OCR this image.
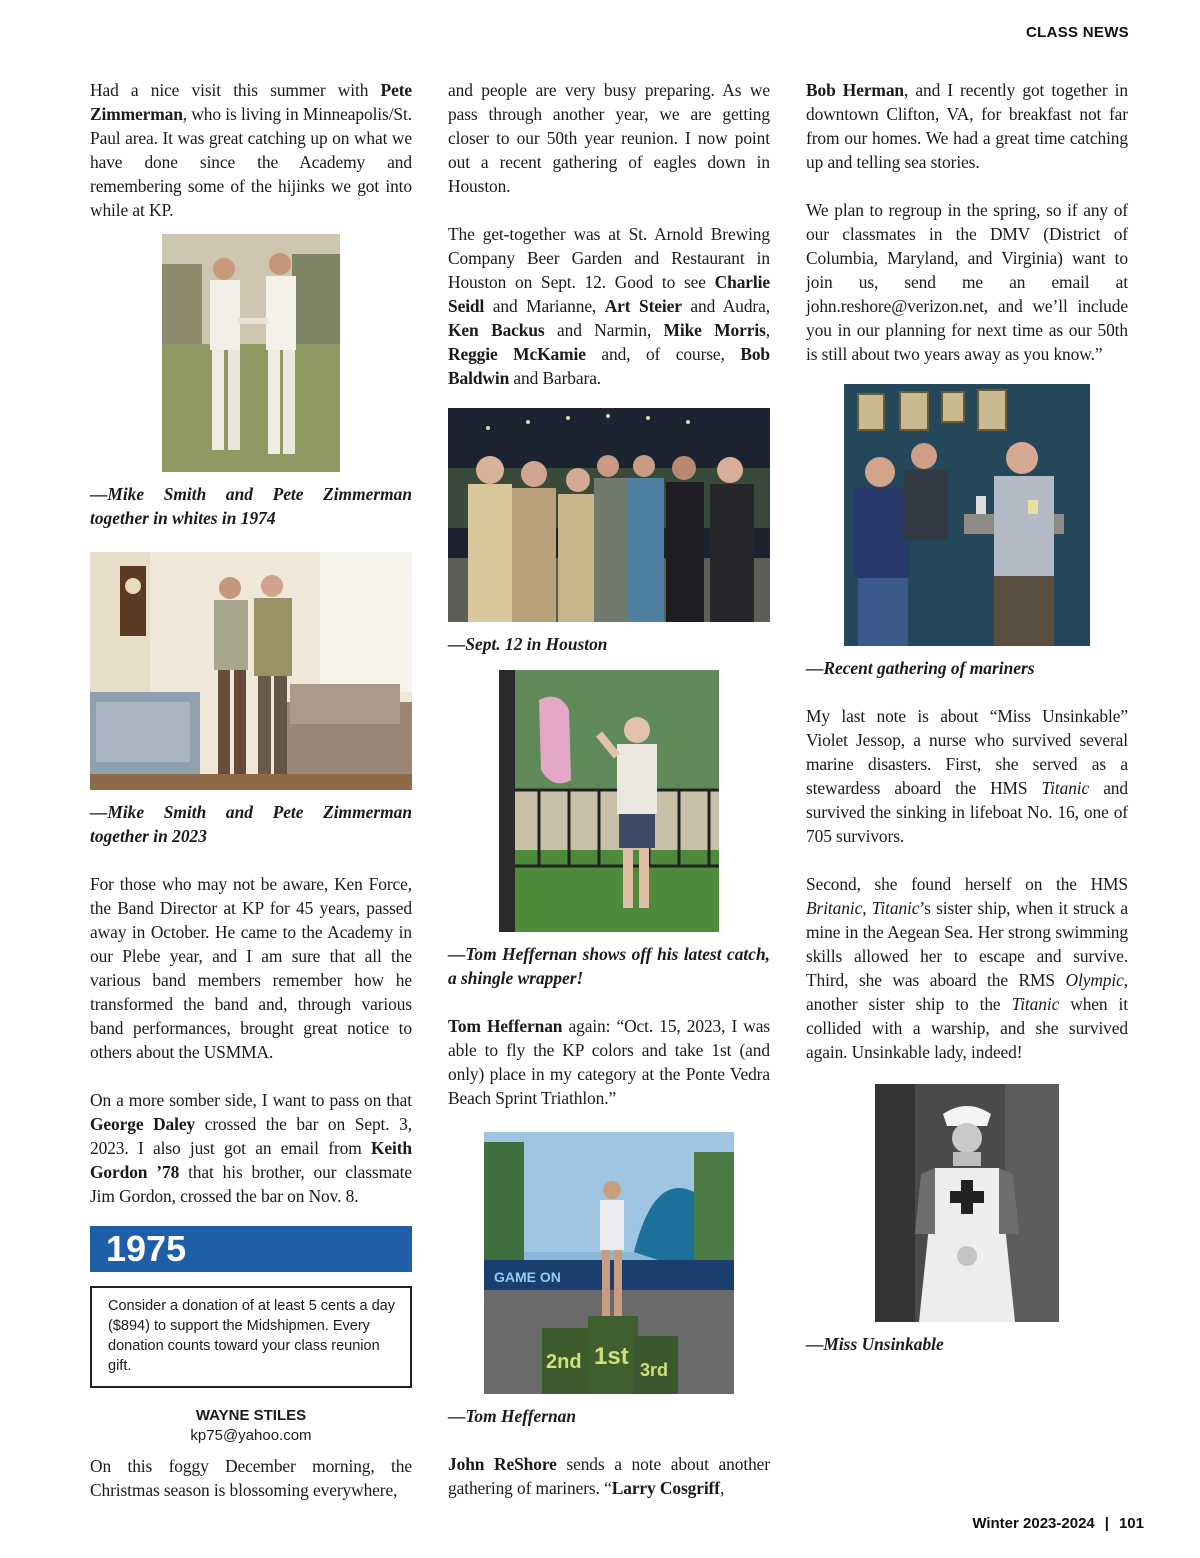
CLASS NEWS

Had a nice visit this summer with Pete Zimmerman, who is living in Minneapolis/St. Paul area. It was great catching up on what we have done since the Academy and remembering some of the hijinks we got into while at KP.

—Mike Smith and Pete Zimmerman together in whites in 1974

—Mike Smith and Pete Zimmerman together in 2023

For those who may not be aware, Ken Force, the Band Director at KP for 45 years, passed away in October. He came to the Academy in our Plebe year, and I am sure that all the various band members remember how he transformed the band and, through various band performances, brought great notice to others about the USMMA.

On a more somber side, I want to pass on that George Daley crossed the bar on Sept. 3, 2023. I also just got an email from Keith Gordon ’78 that his brother, our classmate Jim Gordon, crossed the bar on Nov. 8.

1975
Consider a donation of at least 5 cents a day ($894) to support the Midshipmen. Every donation counts toward your class reunion gift.
WAYNE STILES
kp75@yahoo.com

On this foggy December morning, the Christmas season is blossoming everywhere,

and people are very busy preparing. As we pass through another year, we are getting closer to our 50th year reunion. I now point out a recent gathering of eagles down in Houston.

The get-together was at St. Arnold Brewing Company Beer Garden and Restaurant in Houston on Sept. 12. Good to see Charlie Seidl and Marianne, Art Steier and Audra, Ken Backus and Narmin, Mike Morris, Reggie McKamie and, of course, Bob Baldwin and Barbara.

—Sept. 12 in Houston

—Tom Heffernan shows off his latest catch, a shingle wrapper!

Tom Heffernan again: “Oct. 15, 2023, I was able to fly the KP colors and take 1st (and only) place in my category at the Ponte Vedra Beach Sprint Triathlon.”

2nd 1st 3rd
GAME ON

—Tom Heffernan

John ReShore sends a note about another gathering of mariners. “Larry Cosgriff,

Bob Herman, and I recently got together in downtown Clifton, VA, for breakfast not far from our homes. We had a great time catching up and telling sea stories.

We plan to regroup in the spring, so if any of our classmates in the DMV (District of Columbia, Maryland, and Virginia) want to join us, send me an email at john.reshore@verizon.net, and we’ll include you in our planning for next time as our 50th is still about two years away as you know.”

—Recent gathering of mariners

My last note is about “Miss Unsinkable” Violet Jessop, a nurse who survived several marine disasters. First, she served as a stewardess aboard the HMS Titanic and survived the sinking in lifeboat No. 16, one of 705 survivors.

Second, she found herself on the HMS Britanic, Titanic’s sister ship, when it struck a mine in the Aegean Sea. Her strong swimming skills allowed her to escape and survive. Third, she was aboard the RMS Olympic, another sister ship to the Titanic when it collided with a warship, and she survived again. Unsinkable lady, indeed!

—Miss Unsinkable

Winter 2023-2024 | 101
